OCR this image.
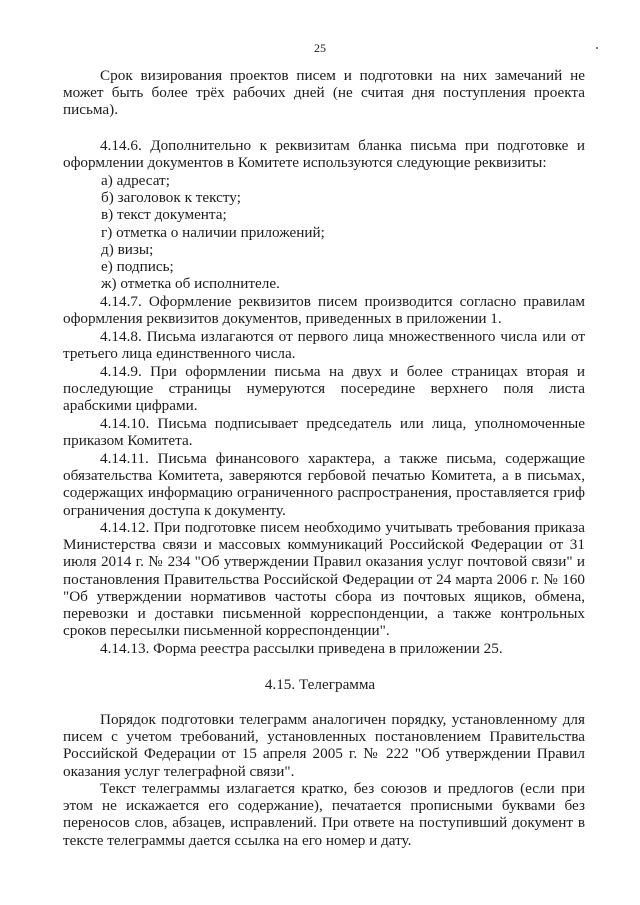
25

Срок визирования проектов писем и подготовки на них замечаний не может быть более трёх рабочих дней (не считая дня поступления проекта письма).

4.14.6. Дополнительно к реквизитам бланка письма при подготовке и оформлении документов в Комитете используются следующие реквизиты:

а) адресат;
б) заголовок к тексту;
в) текст документа;
г) отметка о наличии приложений;
д) визы;
е) подпись;
ж) отметка об исполнителе.

4.14.7. Оформление реквизитов писем производится согласно правилам оформления реквизитов документов, приведенных в приложении 1.

4.14.8. Письма излагаются от первого лица множественного числа или от третьего лица единственного числа.

4.14.9. При оформлении письма на двух и более страницах вторая и последующие страницы нумеруются посередине верхнего поля листа арабскими цифрами.

4.14.10. Письма подписывает председатель или лица, уполномоченные приказом Комитета.

4.14.11. Письма финансового характера, а также письма, содержащие обязательства Комитета, заверяются гербовой печатью Комитета, а в письмах, содержащих информацию ограниченного распространения, проставляется гриф ограничения доступа к документу.

4.14.12. При подготовке писем необходимо учитывать требования приказа Министерства связи и массовых коммуникаций Российской Федерации от 31 июля 2014 г. № 234 "Об утверждении Правил оказания услуг почтовой связи" и постановления Правительства Российской Федерации от 24 марта 2006 г. № 160 "Об утверждении нормативов частоты сбора из почтовых ящиков, обмена, перевозки и доставки письменной корреспонденции, а также контрольных сроков пересылки письменной корреспонденции".

4.14.13. Форма реестра рассылки приведена в приложении 25.

4.15. Телеграмма

Порядок подготовки телеграмм аналогичен порядку, установленному для писем с учетом требований, установленных постановлением Правительства Российской Федерации от 15 апреля 2005 г. № 222 "Об утверждении Правил оказания услуг телеграфной связи".

Текст телеграммы излагается кратко, без союзов и предлогов (если при этом не искажается его содержание), печатается прописными буквами без переносов слов, абзацев, исправлений. При ответе на поступивший документ в тексте телеграммы дается ссылка на его номер и дату.
